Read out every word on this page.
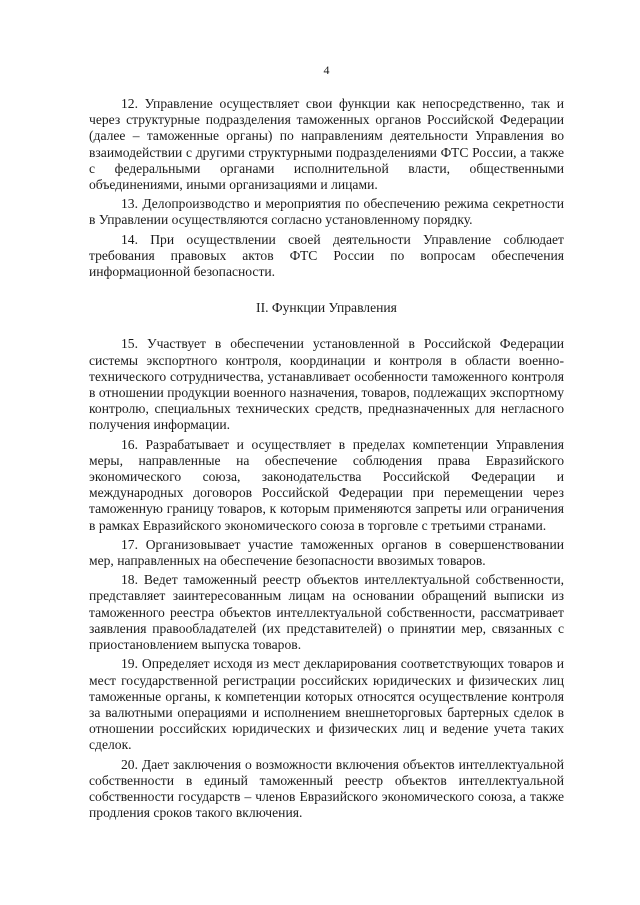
4

12. Управление осуществляет свои функции как непосредственно, так и через структурные подразделения таможенных органов Российской Федерации (далее – таможенные органы) по направлениям деятельности Управления во взаимодействии с другими структурными подразделениями ФТС России, а также с федеральными органами исполнительной власти, общественными объединениями, иными организациями и лицами.

13. Делопроизводство и мероприятия по обеспечению режима секретности в Управлении осуществляются согласно установленному порядку.

14. При осуществлении своей деятельности Управление соблюдает требования правовых актов ФТС России по вопросам обеспечения информационной безопасности.

II. Функции Управления

15. Участвует в обеспечении установленной в Российской Федерации системы экспортного контроля, координации и контроля в области военно-технического сотрудничества, устанавливает особенности таможенного контроля в отношении продукции военного назначения, товаров, подлежащих экспортному контролю, специальных технических средств, предназначенных для негласного получения информации.

16. Разрабатывает и осуществляет в пределах компетенции Управления меры, направленные на обеспечение соблюдения права Евразийского экономического союза, законодательства Российской Федерации и международных договоров Российской Федерации при перемещении через таможенную границу товаров, к которым применяются запреты или ограничения в рамках Евразийского экономического союза в торговле с третьими странами.

17. Организовывает участие таможенных органов в совершенствовании мер, направленных на обеспечение безопасности ввозимых товаров.

18. Ведет таможенный реестр объектов интеллектуальной собственности, представляет заинтересованным лицам на основании обращений выписки из таможенного реестра объектов интеллектуальной собственности, рассматривает заявления правообладателей (их представителей) о принятии мер, связанных с приостановлением выпуска товаров.

19. Определяет исходя из мест декларирования соответствующих товаров и мест государственной регистрации российских юридических и физических лиц таможенные органы, к компетенции которых относятся осуществление контроля за валютными операциями и исполнением внешнеторговых бартерных сделок в отношении российских юридических и физических лиц и ведение учета таких сделок.

20. Дает заключения о возможности включения объектов интеллектуальной собственности в единый таможенный реестр объектов интеллектуальной собственности государств – членов Евразийского экономического союза, а также продления сроков такого включения.
